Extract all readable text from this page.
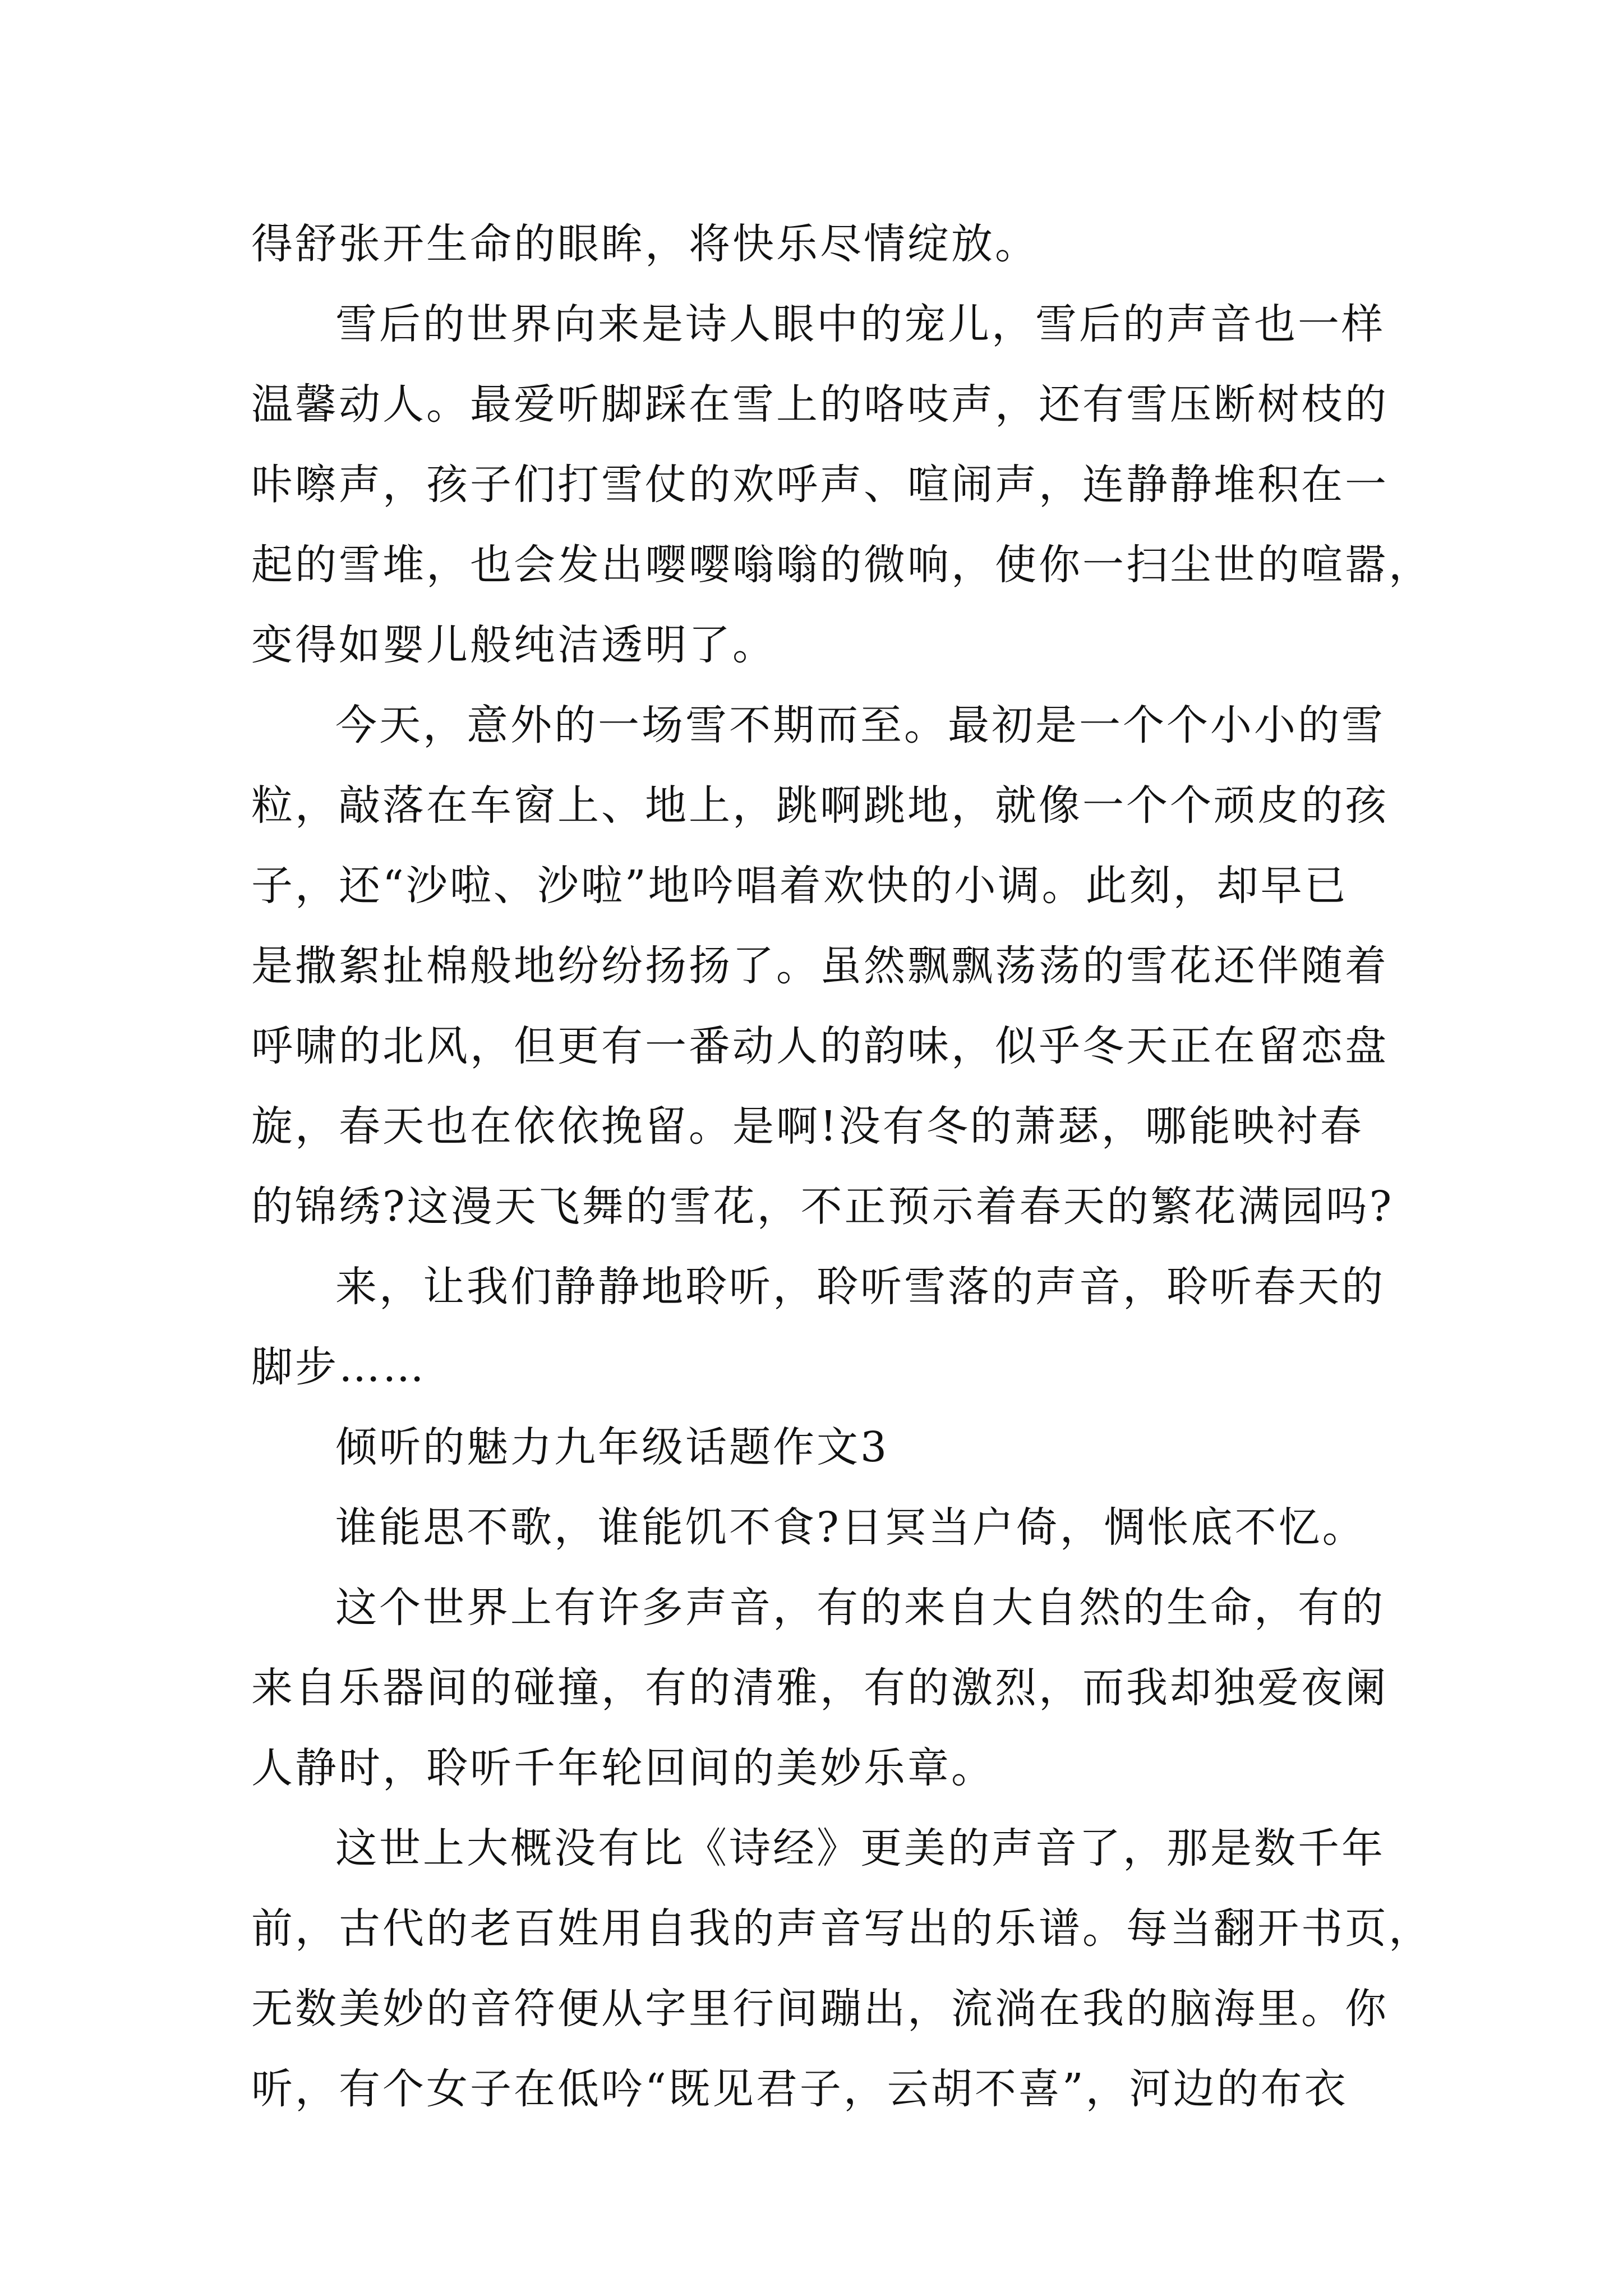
得舒张开生命的眼眸，将快乐尽情绽放。
雪后的世界向来是诗人眼中的宠儿，雪后的声音也一样
温馨动人。最爱听脚踩在雪上的咯吱声，还有雪压断树枝的
咔嚓声，孩子们打雪仗的欢呼声、喧闹声，连静静堆积在一
起的雪堆，也会发出嘤嘤嗡嗡的微响，使你一扫尘世的喧嚣，
变得如婴儿般纯洁透明了。
今天，意外的一场雪不期而至。最初是一个个小小的雪
粒，敲落在车窗上、地上，跳啊跳地，就像一个个顽皮的孩
子，还“沙啦、沙啦”地吟唱着欢快的小调。此刻，却早已
是撒絮扯棉般地纷纷扬扬了。虽然飘飘荡荡的雪花还伴随着
呼啸的北风，但更有一番动人的韵味，似乎冬天正在留恋盘
旋，春天也在依依挽留。是啊!没有冬的萧瑟，哪能映衬春
的锦绣?这漫天飞舞的雪花，不正预示着春天的繁花满园吗?
来，让我们静静地聆听，聆听雪落的声音，聆听春天的
脚步……
倾听的魅力九年级话题作文3
谁能思不歌，谁能饥不食?日冥当户倚，惆怅底不忆。
这个世界上有许多声音，有的来自大自然的生命，有的
来自乐器间的碰撞，有的清雅，有的激烈，而我却独爱夜阑
人静时，聆听千年轮回间的美妙乐章。
这世上大概没有比《诗经》更美的声音了，那是数千年
前，古代的老百姓用自我的声音写出的乐谱。每当翻开书页，
无数美妙的音符便从字里行间蹦出，流淌在我的脑海里。你
听，有个女子在低吟“既见君子，云胡不喜”，河边的布衣
